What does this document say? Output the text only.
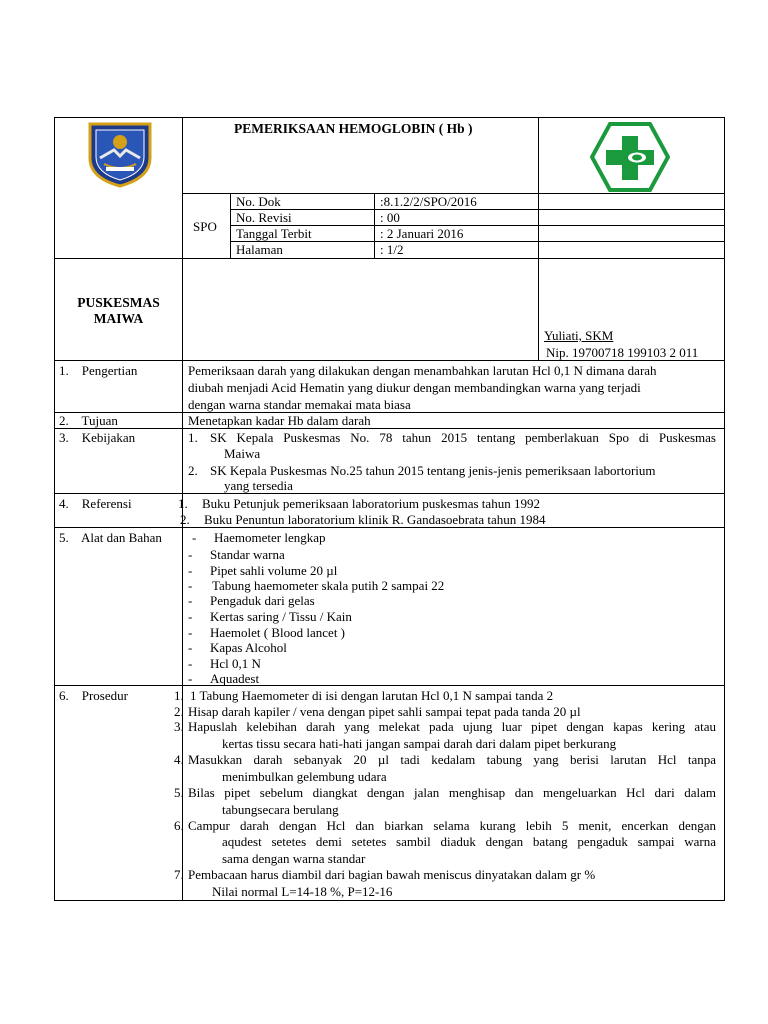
PEMERIKSAAN HEMOGLOBIN ( Hb )
SPO
No. Dok	:8.1.2/2/SPO/2016
No. Revisi	: 00
Tanggal Terbit	: 2 Januari 2016
Halaman	: 1/2
PUSKESMAS
MAIWA
Yuliati, SKM
Nip. 19700718 199103 2 011
1.    Pengertian	Pemeriksaan darah yang dilakukan dengan menambahkan larutan Hcl 0,1 N dimana darah
diubah menjadi Acid Hematin yang diukur dengan membandingkan warna yang terjadi
dengan warna standar memakai mata biasa
2.    Tujuan	Menetapkan kadar Hb dalam darah
3.    Kebijakan	1. SK Kepala Puskesmas No. 78 tahun 2015 tentang pemberlakuan Spo di Puskesmas
Maiwa
2. SK Kepala Puskesmas No.25 tahun 2015 tentang jenis-jenis pemeriksaan labortorium
yang tersedia
4.    Referensi	1. Buku Petunjuk pemeriksaan laboratorium puskesmas tahun 1992
2. Buku Penuntun laboratorium klinik R. Gandasoebrata tahun 1984
5.    Alat dan Bahan - Haemometer lengkap
- Standar warna
- Pipet sahli volume 20 µl
- Tabung haemometer skala putih 2 sampai 22
- Pengaduk dari gelas
- Kertas saring / Tissu / Kain
- Haemolet ( Blood lancet )
- Kapas Alcohol
- Hcl 0,1 N
- Aquadest
6.    Prosedur	1. 1 Tabung Haemometer di isi dengan larutan Hcl 0,1 N sampai tanda 2
2. Hisap darah kapiler / vena dengan pipet sahli sampai tepat pada tanda 20 µl
3. Hapuslah kelebihan darah yang melekat pada ujung luar pipet dengan kapas kering atau
kertas tissu secara hati-hati jangan sampai darah dari dalam pipet berkurang
4. Masukkan darah sebanyak 20 µl tadi kedalam tabung yang berisi larutan Hcl tanpa
menimbulkan gelembung udara
5. Bilas pipet sebelum diangkat dengan jalan menghisap dan mengeluarkan Hcl dari dalam
tabungsecara berulang
6. Campur darah dengan Hcl dan biarkan selama kurang lebih 5 menit, encerkan dengan
aqudest setetes demi setetes sambil diaduk dengan batang pengaduk sampai warna
sama dengan warna standar
7. Pembacaan harus diambil dari bagian bawah meniscus dinyatakan dalam gr %
Nilai normal L=14-18 %, P=12-16
